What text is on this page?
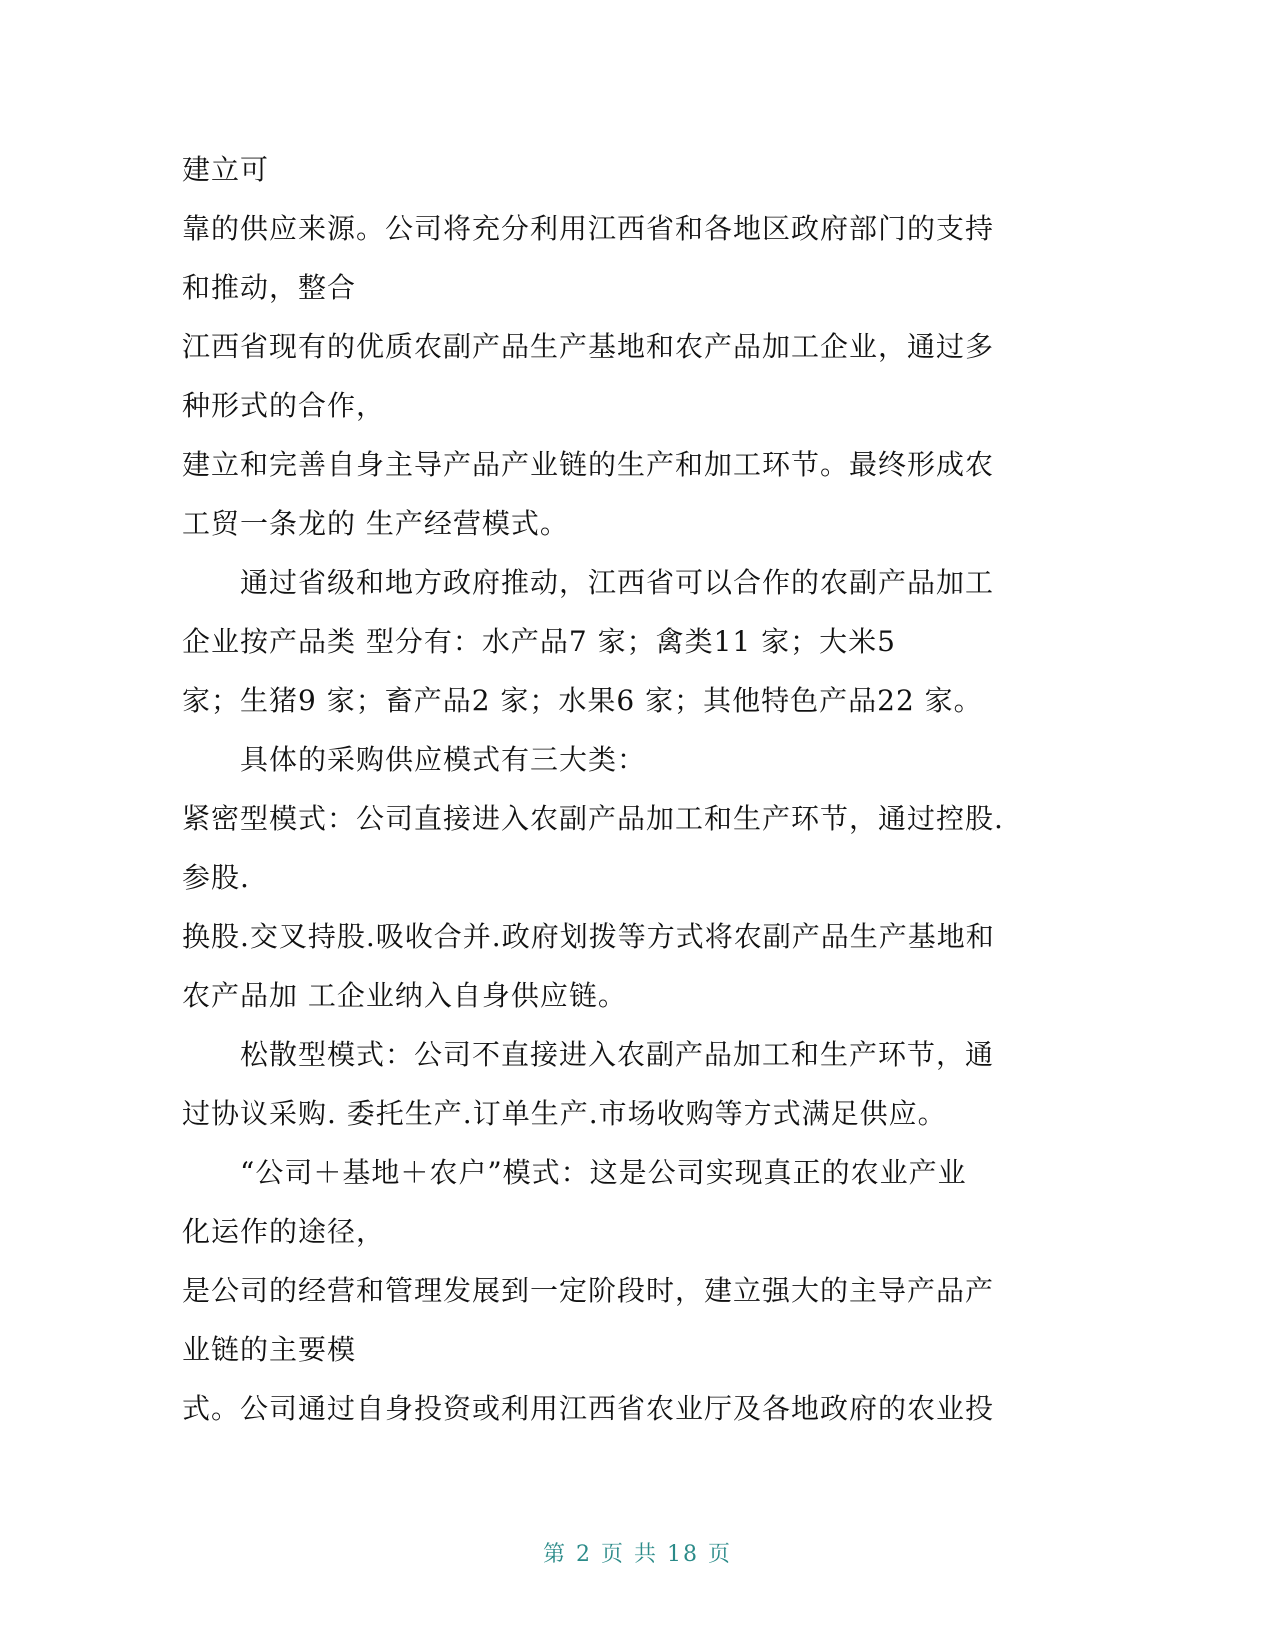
建立可
靠的供应来源。公司将充分利用江西省和各地区政府部门的支持
和推动，整合
江西省现有的优质农副产品生产基地和农产品加工企业，通过多
种形式的合作，
建立和完善自身主导产品产业链的生产和加工环节。最终形成农
工贸一条龙的 生产经营模式。
通过省级和地方政府推动，江西省可以合作的农副产品加工
企业按产品类 型分有：水产品7 家；禽类11 家；大米5
家；生猪9 家；畜产品2 家；水果6 家；其他特色产品22 家。
具体的采购供应模式有三大类：
紧密型模式：公司直接进入农副产品加工和生产环节，通过控股.
参股.
换股.交叉持股.吸收合并.政府划拨等方式将农副产品生产基地和
农产品加 工企业纳入自身供应链。
松散型模式：公司不直接进入农副产品加工和生产环节，通
过协议采购. 委托生产.订单生产.市场收购等方式满足供应。
“公司＋基地＋农户”模式：这是公司实现真正的农业产业
化运作的途径，
是公司的经营和管理发展到一定阶段时，建立强大的主导产品产
业链的主要模
式。公司通过自身投资或利用江西省农业厅及各地政府的农业投
第 2 页 共 18 页
